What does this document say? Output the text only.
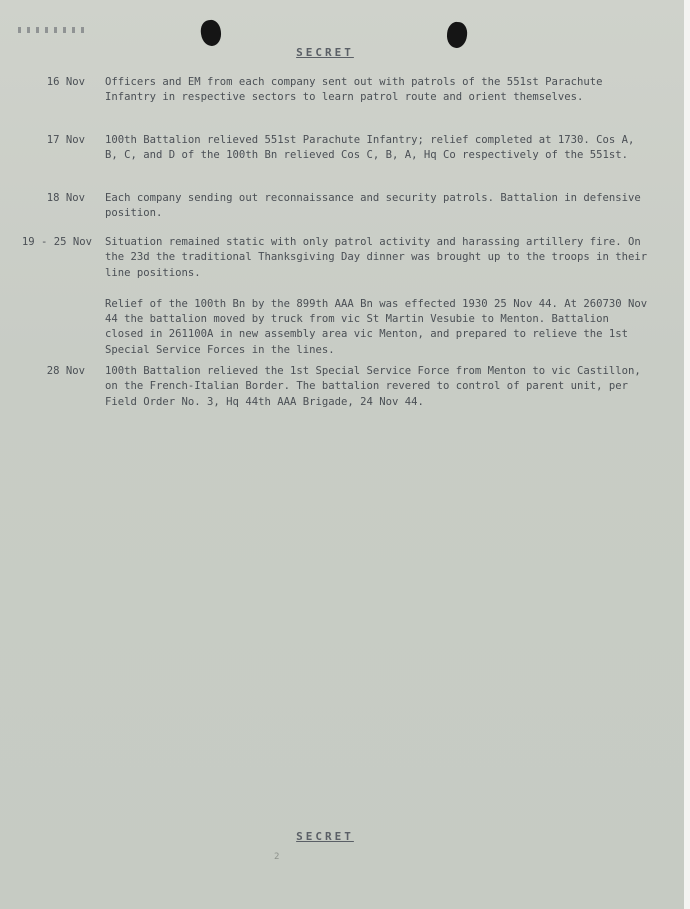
SECRET
16 Nov Officers and EM from each company sent out with patrols of the 551st Parachute Infantry in respective sectors to learn patrol route and orient themselves.

17 Nov 100th Battalion relieved 551st Parachute Infantry; relief completed at 1730. Cos A, B, C, and D of the 100th Bn relieved Cos C, B, A, Hq Co respectively of the 551st.

18 Nov Each company sending out reconnaissance and security patrols. Battalion in defensive position.

19 - 25 Nov Situation remained static with only patrol activity and harassing artillery fire. On the 23d the traditional Thanksgiving Day dinner was brought up to the troops in their line positions.

Relief of the 100th Bn by the 899th AAA Bn was effected 1930 25 Nov 44. At 260730 Nov 44 the battalion moved by truck from vic St Martin Vesubie to Menton. Battalion closed in 261100A in new assembly area vic Menton, and prepared to relieve the 1st Special Service Forces in the lines.

28 Nov 100th Battalion relieved the 1st Special Service Force from Menton to vic Castillon, on the French-Italian Border. The battalion revered to control of parent unit, per Field Order No. 3, Hq 44th AAA Brigade, 24 Nov 44.

SECRET
2
